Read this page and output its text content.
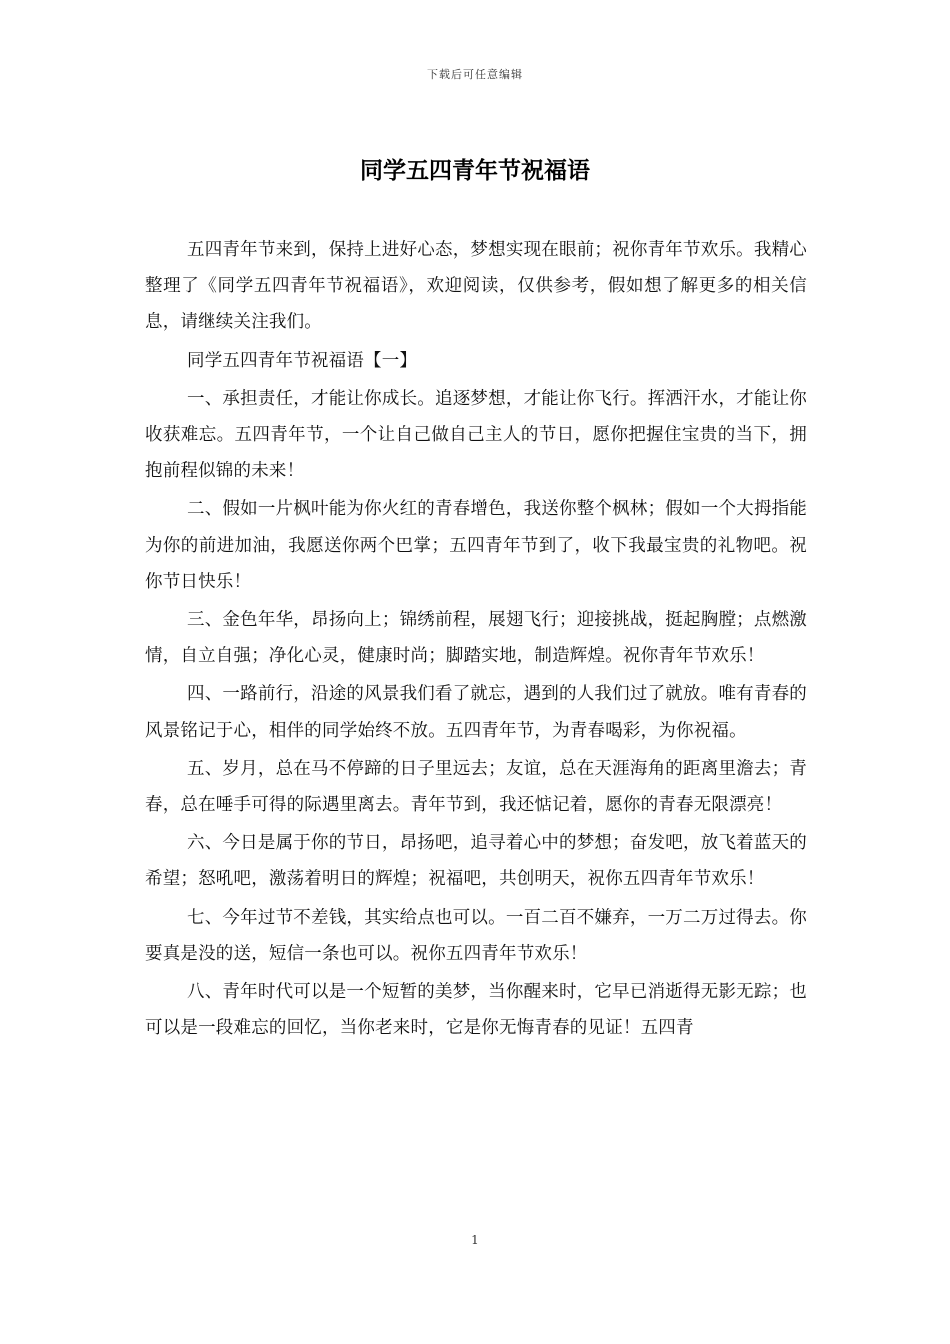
下载后可任意编辑
同学五四青年节祝福语

五四青年节来到，保持上进好心态，梦想实现在眼前；祝你青年节欢乐。我精心整理了《同学五四青年节祝福语》，欢迎阅读，仅供参考，假如想了解更多的相关信息，请继续关注我们。

同学五四青年节祝福语【一】

一、承担责任，才能让你成长。追逐梦想，才能让你飞行。挥洒汗水，才能让你收获难忘。五四青年节，一个让自己做自己主人的节日，愿你把握住宝贵的当下，拥抱前程似锦的未来！

二、假如一片枫叶能为你火红的青春增色，我送你整个枫林；假如一个大拇指能为你的前进加油，我愿送你两个巴掌；五四青年节到了，收下我最宝贵的礼物吧。祝你节日快乐！

三、金色年华，昂扬向上；锦绣前程，展翅飞行；迎接挑战，挺起胸膛；点燃激情，自立自强；净化心灵，健康时尚；脚踏实地，制造辉煌。祝你青年节欢乐！

四、一路前行，沿途的风景我们看了就忘，遇到的人我们过了就放。唯有青春的风景铭记于心，相伴的同学始终不放。五四青年节，为青春喝彩，为你祝福。

五、岁月，总在马不停蹄的日子里远去；友谊，总在天涯海角的距离里澹去；青春，总在唾手可得的际遇里离去。青年节到，我还惦记着，愿你的青春无限漂亮！

六、今日是属于你的节日，昂扬吧，追寻着心中的梦想；奋发吧，放飞着蓝天的希望；怒吼吧，激荡着明日的辉煌；祝福吧，共创明天，祝你五四青年节欢乐！

七、今年过节不差钱，其实给点也可以。一百二百不嫌弃，一万二万过得去。你要真是没的送，短信一条也可以。祝你五四青年节欢乐！

八、青年时代可以是一个短暂的美梦，当你醒来时，它早已消逝得无影无踪；也可以是一段难忘的回忆，当你老来时，它是你无悔青春的见证！五四青

1
